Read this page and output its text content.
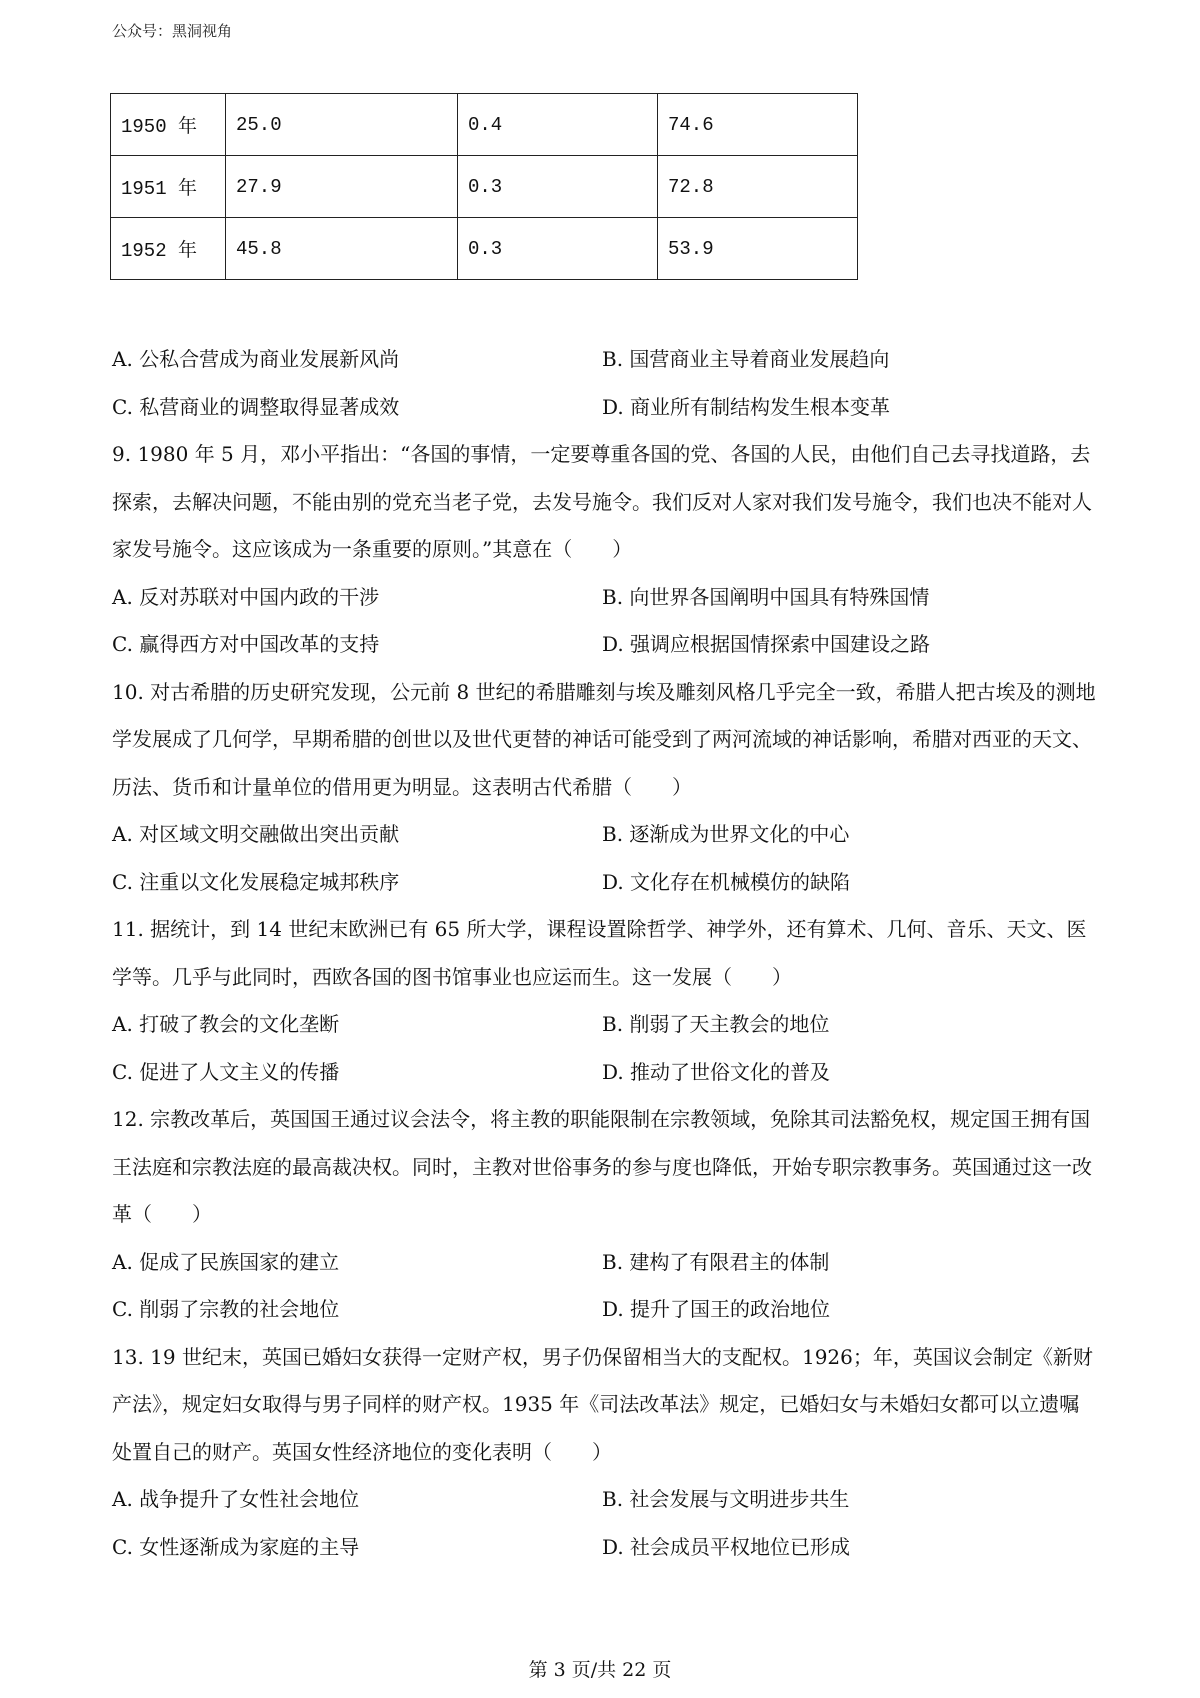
公众号：黑洞视角
1950 年	25.0	0.4	74.6
1951 年	27.9	0.3	72.8
1952 年	45.8	0.3	53.9
A. 公私合营成为商业发展新风尚	B. 国营商业主导着商业发展趋向
C. 私营商业的调整取得显著成效	D. 商业所有制结构发生根本变革

9. 1980 年 5 月，邓小平指出：“各国的事情，一定要尊重各国的党、各国的人民，由他们自己去寻找道路，去探索，去解决问题，不能由别的党充当老子党，去发号施令。我们反对人家对我们发号施令，我们也决不能对人家发号施令。这应该成为一条重要的原则。”其意在（　　）

A. 反对苏联对中国内政的干涉	B. 向世界各国阐明中国具有特殊国情
C. 赢得西方对中国改革的支持	D. 强调应根据国情探索中国建设之路

10. 对古希腊的历史研究发现，公元前 8 世纪的希腊雕刻与埃及雕刻风格几乎完全一致，希腊人把古埃及的测地学发展成了几何学，早期希腊的创世以及世代更替的神话可能受到了两河流域的神话影响，希腊对西亚的天文、历法、货币和计量单位的借用更为明显。这表明古代希腊（　　）

A. 对区域文明交融做出突出贡献	B. 逐渐成为世界文化的中心
C. 注重以文化发展稳定城邦秩序	D. 文化存在机械模仿的缺陷

11. 据统计，到 14 世纪末欧洲已有 65 所大学，课程设置除哲学、神学外，还有算术、几何、音乐、天文、医学等。几乎与此同时，西欧各国的图书馆事业也应运而生。这一发展（　　）

A. 打破了教会的文化垄断	B. 削弱了天主教会的地位
C. 促进了人文主义的传播	D. 推动了世俗文化的普及

12. 宗教改革后，英国国王通过议会法令，将主教的职能限制在宗教领域，免除其司法豁免权，规定国王拥有国王法庭和宗教法庭的最高裁决权。同时，主教对世俗事务的参与度也降低，开始专职宗教事务。英国通过这一改革（　　）

A. 促成了民族国家的建立	B. 建构了有限君主的体制
C. 削弱了宗教的社会地位	D. 提升了国王的政治地位

13. 19 世纪末，英国已婚妇女获得一定财产权，男子仍保留相当大的支配权。1926；年，英国议会制定《新财产法》，规定妇女取得与男子同样的财产权。1935 年《司法改革法》规定，已婚妇女与未婚妇女都可以立遗嘱处置自己的财产。英国女性经济地位的变化表明（　　）

A. 战争提升了女性社会地位	B. 社会发展与文明进步共生
C. 女性逐渐成为家庭的主导	D. 社会成员平权地位已形成
第 3 页/共 22 页
